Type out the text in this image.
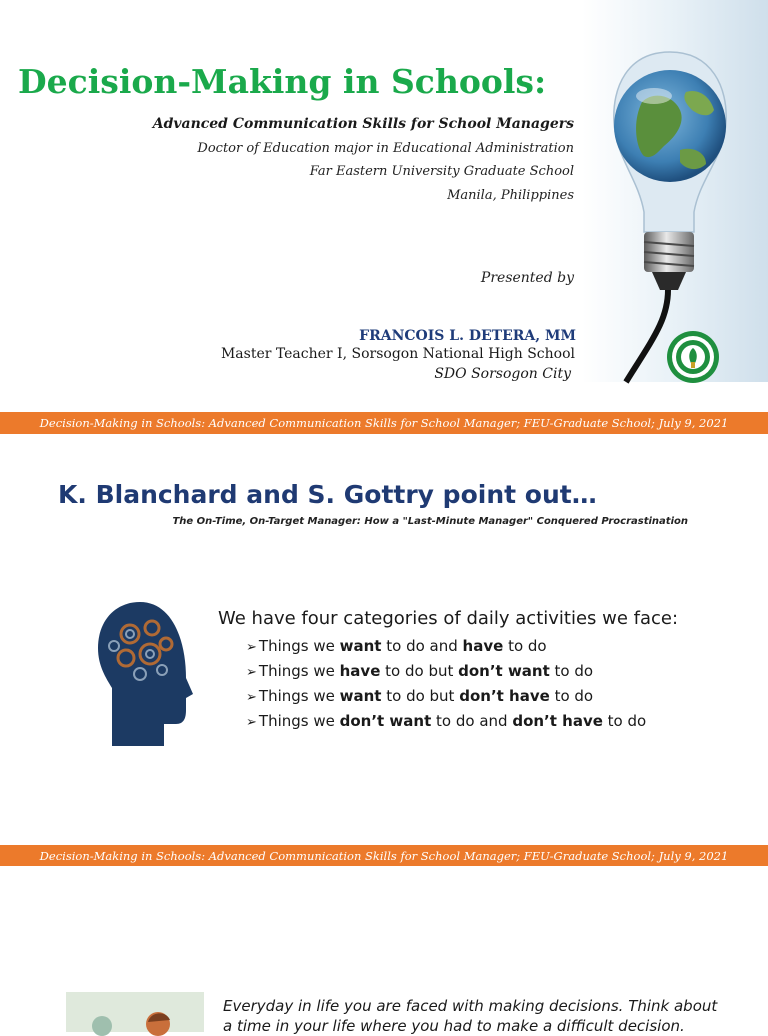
Decision-Making in Schools:
Advanced Communication Skills for School Managers
Doctor of Education major in Educational Administration
Far Eastern University Graduate School
Manila, Philippines
Presented by
FRANCOIS L. DETERA, MM
Master Teacher I, Sorsogon National High School
SDO Sorsogon City
Decision-Making in Schools: Advanced Communication Skills for School Manager; FEU-Graduate School; July 9, 2021
K. Blanchard and S. Gottry point out…
The On-Time, On-Target Manager: How a "Last-Minute Manager" Conquered Procrastination

We have four categories of daily activities we face:

➢ Things we want to do and have to do
➢ Things we have to do but don’t want to do
➢ Things we want to do but don’t have to do
➢ Things we don’t want to do and don’t have to do
Decision-Making in Schools: Advanced Communication Skills for School Manager; FEU-Graduate School; July 9, 2021

Everyday in life you are faced with making decisions. Think about a time in your life where you had to make a difficult decision.
